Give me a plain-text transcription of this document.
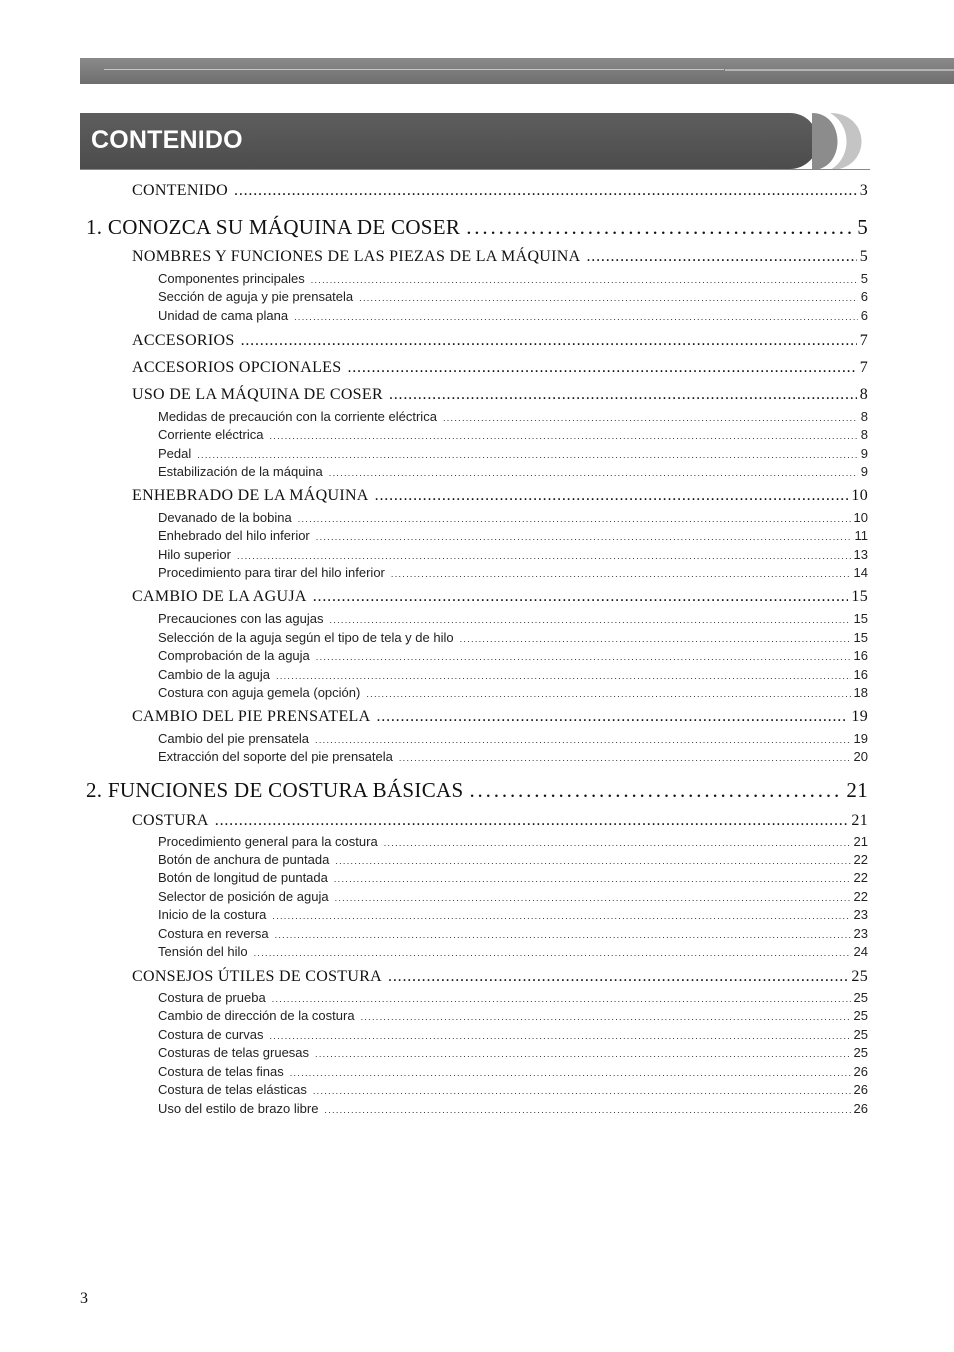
CONTENIDO
CONTENIDO . . .	3
1. CONOZCA SU MÁQUINA DE COSER . . .	5
NOMBRES Y FUNCIONES DE LAS PIEZAS DE LA MÁQUINA . . .	5
Componentes principales . . .	5
Sección de aguja y pie prensatela . . .	6
Unidad de cama plana . . .	6
ACCESORIOS . . .	7
ACCESORIOS OPCIONALES . . .	7
USO DE LA MÁQUINA DE COSER . . .	8
Medidas de precaución con la corriente eléctrica . . .	8
Corriente eléctrica . . .	8
Pedal . . .	9
Estabilización de la máquina . . .	9
ENHEBRADO DE LA MÁQUINA . . .	10
Devanado de la bobina . . .	10
Enhebrado del hilo inferior . . .	11
Hilo superior . . .	13
Procedimiento para tirar del hilo inferior . . .	14
CAMBIO DE LA AGUJA . . .	15
Precauciones con las agujas . . .	15
Selección de la aguja según el tipo de tela y de hilo . . .	15
Comprobación de la aguja . . .	16
Cambio de la aguja . . .	16
Costura con aguja gemela (opción) . . .	18
CAMBIO DEL PIE PRENSATELA . . .	19
Cambio del pie prensatela . . .	19
Extracción del soporte del pie prensatela . . .	20
2. FUNCIONES DE COSTURA BÁSICAS . . .	21
COSTURA . . .	21
Procedimiento general para la costura . . .	21
Botón de anchura de puntada . . .	22
Botón de longitud de puntada . . .	22
Selector de posición de aguja . . .	22
Inicio de la costura . . .	23
Costura en reversa . . .	23
Tensión del hilo . . .	24
CONSEJOS ÚTILES DE COSTURA . . .	25
Costura de prueba . . .	25
Cambio de dirección de la costura . . .	25
Costura de curvas . . .	25
Costuras de telas gruesas . . .	25
Costura de telas finas . . .	26
Costura de telas elásticas . . .	26
Uso del estilo de brazo libre . . .	26
3
